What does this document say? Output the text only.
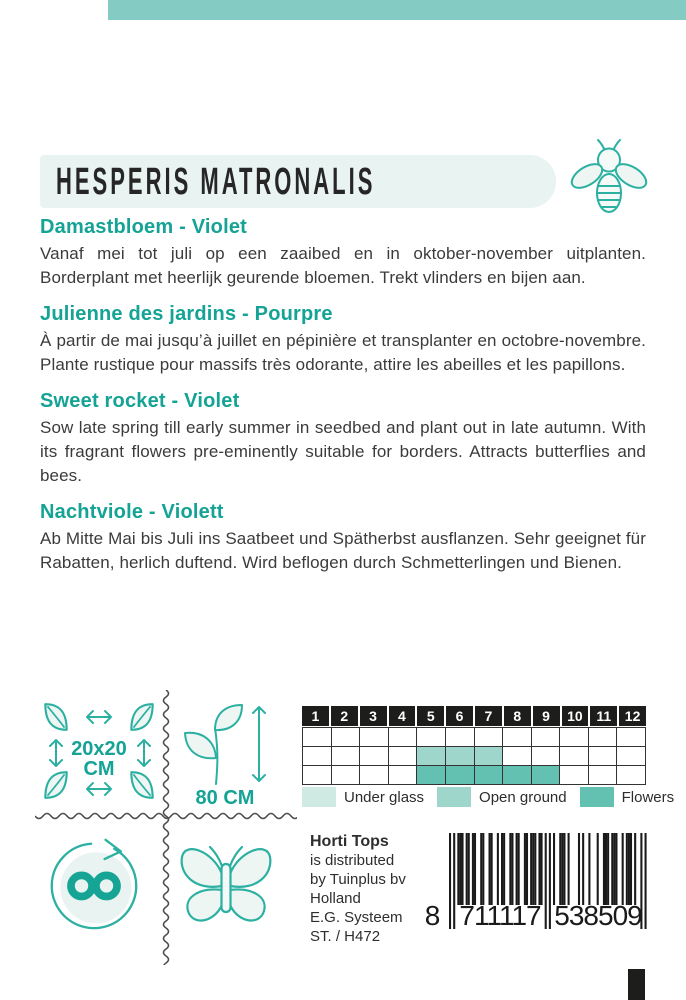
HESPERIS MATRONALIS
Damastbloem - Violet

Vanaf mei tot juli op een zaaibed en in oktober-november uitplanten. Borderplant met heerlijk geurende bloemen. Trekt vlinders en bijen aan.

Julienne des jardins - Pourpre

À partir de mai jusqu’à juillet en pépinière et transplanter en octobre-novembre. Plante rustique pour massifs très odorante, attire les abeilles et les papillons.

Sweet rocket - Violet

Sow late spring till early summer in seedbed and plant out in late autumn. With its fragrant flowers pre-eminently suitable for borders. Attracts butterflies and bees.

Nachtviole - Violett

Ab Mitte Mai bis Juli ins Saatbeet und Spätherbst ausflanzen. Sehr geeignet für Rabatten, herlich duftend. Wird beflogen durch Schmetterlingen und Bienen.

20x20
CM
80 CM
1	2	3	4	5	6	7	8	9	10 11 12
Under glass	Open ground	Flowers
Horti Tops
is distributed
by Tuinplus bv
Holland
E.G. Systeem
ST. / H472
8 711117 538509
